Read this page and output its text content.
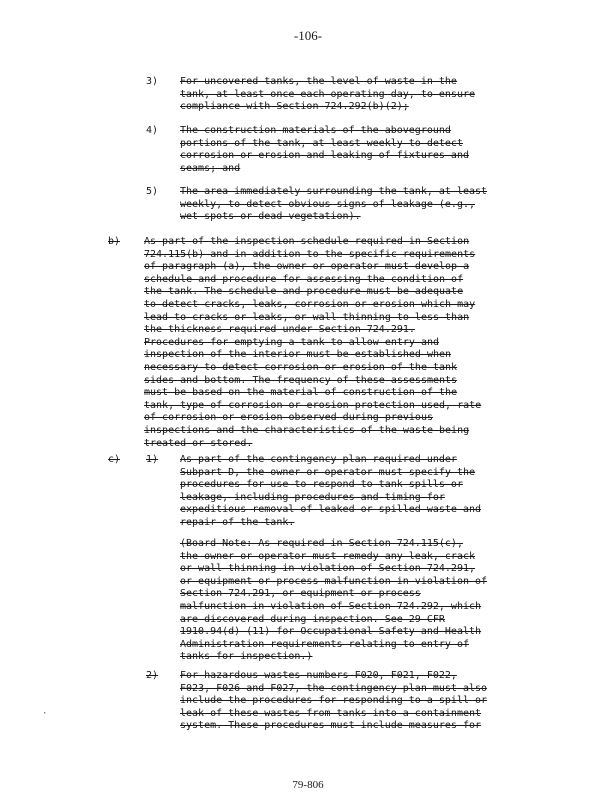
-106-
3) For uncovered tanks, the level of waste in the
tank, at least once each operating day, to ensure
compliance with Section 724.292(b)(2);
4) The construction materials of the aboveground
portions of the tank, at least weekly to detect
corrosion or erosion and leaking of fixtures and
seams; and
5) The area immediately surrounding the tank, at least
weekly, to detect obvious signs of leakage (e.g.,
wet spots or dead vegetation).
b) As part of the inspection schedule required in Section
724.115(b) and in addition to the specific requirements
of paragraph (a), the owner or operator must develop a
schedule and procedure for assessing the condition of
the tank. The schedule and procedure must be adequate
to detect cracks, leaks, corrosion or erosion which may
lead to cracks or leaks, or wall thinning to less than
the thickness required under Section 724.291.
Procedures for emptying a tank to allow entry and
inspection of the interior must be established when
necessary to detect corrosion or erosion of the tank
sides and bottom. The frequency of these assessments
must be based on the material of construction of the
tank, type of corrosion or erosion protection used, rate
of corrosion or erosion observed during previous
inspections and the characteristics of the waste being
treated or stored.
c)	1) As part of the contingency plan required under
Subpart D, the owner or operator must specify the
procedures for use to respond to tank spills or
leakage, including procedures and timing for
expeditious removal of leaked or spilled waste and
repair of the tank.
(Board Note: As required in Section 724.115(c),
the owner or operator must remedy any leak, crack
or wall thinning in violation of Section 724.291,
or equipment or process malfunction in violation of
Section 724.291, or equipment or process
malfunction in violation of Section 724.292, which
are discovered during inspection. See 29 CFR
1910.94(d) (11) for Occupational Safety and Health
Administration requirements relating to entry of
tanks for inspection.)
2) For hazardous wastes numbers F020, F021, F022,
F023, F026 and F027, the contingency plan must also
include the procedures for responding to a spill or
leak of these wastes from tanks into a containment
system. These procedures must include measures for
·
79-806
